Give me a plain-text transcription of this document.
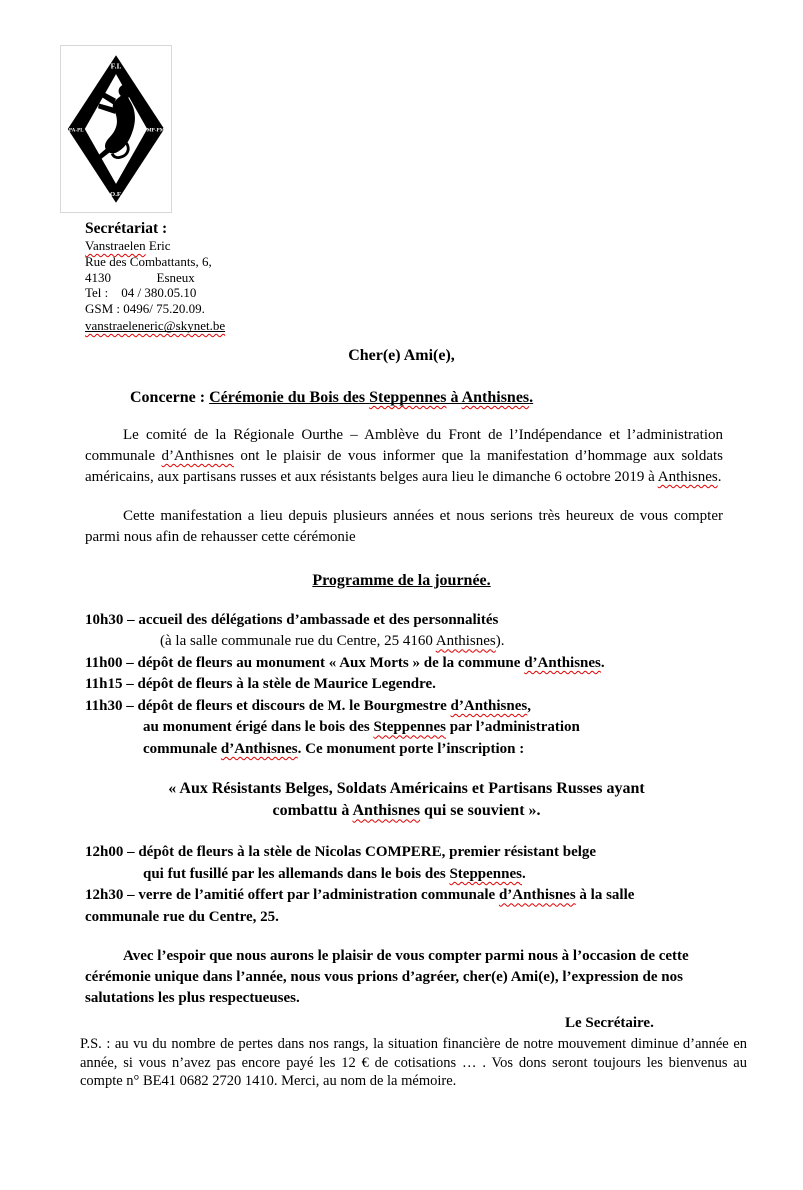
F.I.
PA-PL	MP-PM
O.F.
Secrétariat :
Vanstraelen Eric
Rue des Combattants, 6,
4130              Esneux
Tel :    04 / 380.05.10
GSM : 0496/ 75.20.09.
vanstraeleneric@skynet.be
Cher(e) Ami(e),
Concerne : Cérémonie du Bois des Steppennes à Anthisnes.

Le comité de la Régionale Ourthe – Amblève du Front de l’Indépendance et l’administration communale d’Anthisnes ont le plaisir de vous informer que la manifestation d’hommage aux soldats américains, aux partisans russes et aux résistants belges aura lieu le dimanche 6 octobre 2019 à Anthisnes.

Cette manifestation a lieu depuis plusieurs années et nous serions très heureux de vous compter parmi nous afin de rehausser cette cérémonie

Programme de la journée.
10h30 – accueil des délégations d’ambassade et des personnalités
(à la salle communale rue du Centre, 25 4160 Anthisnes).
11h00 – dépôt de fleurs au monument « Aux Morts » de la commune d’Anthisnes.
11h15 – dépôt de fleurs à la stèle de Maurice Legendre.
11h30 – dépôt de fleurs et discours de M. le Bourgmestre d’Anthisnes,
au monument érigé dans le bois des Steppennes par l’administration
communale d’Anthisnes. Ce monument porte l’inscription :
« Aux Résistants Belges, Soldats Américains et Partisans Russes ayant
combattu à Anthisnes qui se souvient ».
12h00 – dépôt de fleurs à la stèle de Nicolas COMPERE, premier résistant belge
qui fut fusillé par les allemands dans le bois des Steppennes.
12h30 – verre de l’amitié offert par l’administration communale d’Anthisnes à la salle
communale rue du Centre, 25.

Avec l’espoir que nous aurons le plaisir de vous compter parmi nous à l’occasion de cette cérémonie unique dans l’année, nous vous prions d’agréer, cher(e) Ami(e), l’expression de nos salutations les plus respectueuses.

Le Secrétaire.

P.S. : au vu du nombre de pertes dans nos rangs, la situation financière de notre mouvement diminue d’année en année, si vous n’avez pas encore payé les 12 € de cotisations … . Vos dons seront toujours les bienvenus au compte n° BE41 0682 2720 1410. Merci, au nom de la mémoire.
